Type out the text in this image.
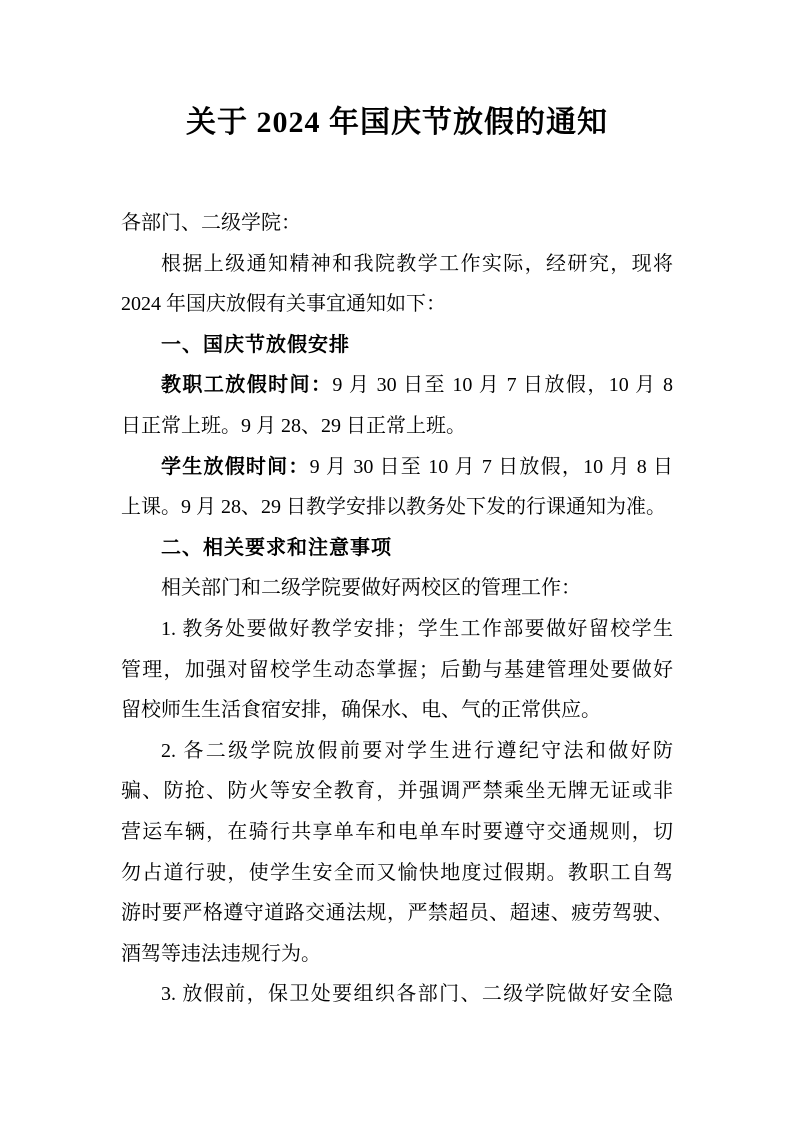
关于 2024 年国庆节放假的通知
各部门、二级学院：
根据上级通知精神和我院教学工作实际，经研究，现将
2024 年国庆放假有关事宜通知如下：
一、国庆节放假安排
教职工放假时间：9 月 30 日至 10 月 7 日放假，10 月 8
日正常上班。9 月 28、29 日正常上班。
学生放假时间：9 月 30 日至 10 月 7 日放假，10 月 8 日
上课。9 月 28、29 日教学安排以教务处下发的行课通知为准。
二、相关要求和注意事项
相关部门和二级学院要做好两校区的管理工作：
1. 教务处要做好教学安排；学生工作部要做好留校学生
管理，加强对留校学生动态掌握；后勤与基建管理处要做好
留校师生生活食宿安排，确保水、电、气的正常供应。
2. 各二级学院放假前要对学生进行遵纪守法和做好防
骗、防抢、防火等安全教育，并强调严禁乘坐无牌无证或非
营运车辆，在骑行共享单车和电单车时要遵守交通规则，切
勿占道行驶，使学生安全而又愉快地度过假期。教职工自驾
游时要严格遵守道路交通法规，严禁超员、超速、疲劳驾驶、
酒驾等违法违规行为。
3. 放假前，保卫处要组织各部门、二级学院做好安全隐
